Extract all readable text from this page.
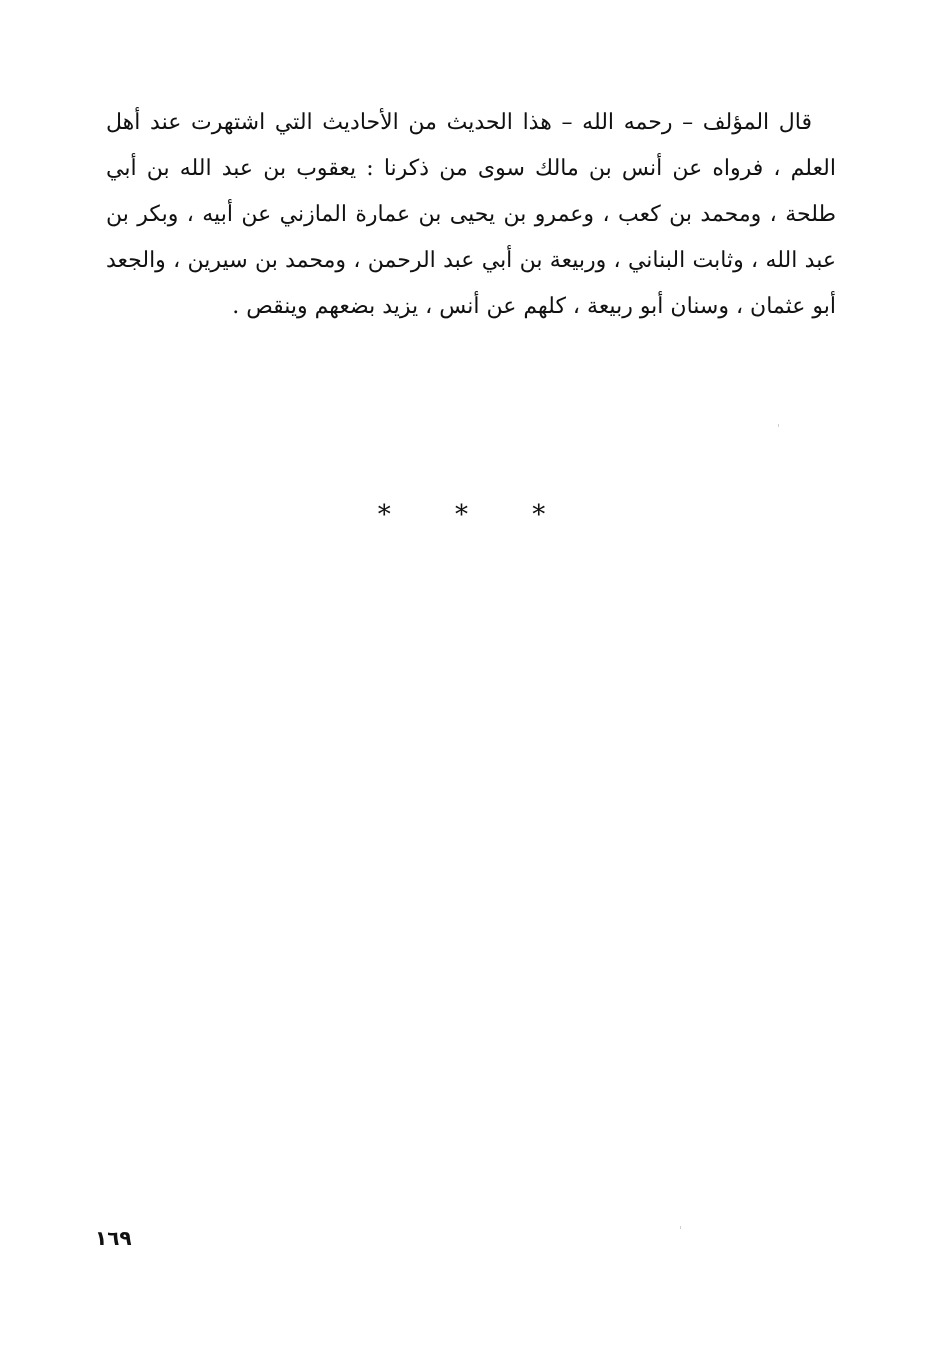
قال المؤلف – رحمه الله – هذا الحديث من الأحاديث التي اشتهرت عند أهل
العلم ، فرواه عن أنس بن مالك سوى من ذكرنا : يعقوب بن عبد الله بن أبي
طلحة ، ومحمد بن كعب ، وعمرو بن يحيى بن عمارة المازني عن أبيه ، وبكر بن
عبد الله ، وثابت البناني ، وربيعة بن أبي عبد الرحمن ، ومحمد بن سيرين ، والجعد
أبو عثمان ، وسنان أبو ربيعة ، كلهم عن أنس ، يزيد بضعهم وينقص .
* * *
١٦٩
